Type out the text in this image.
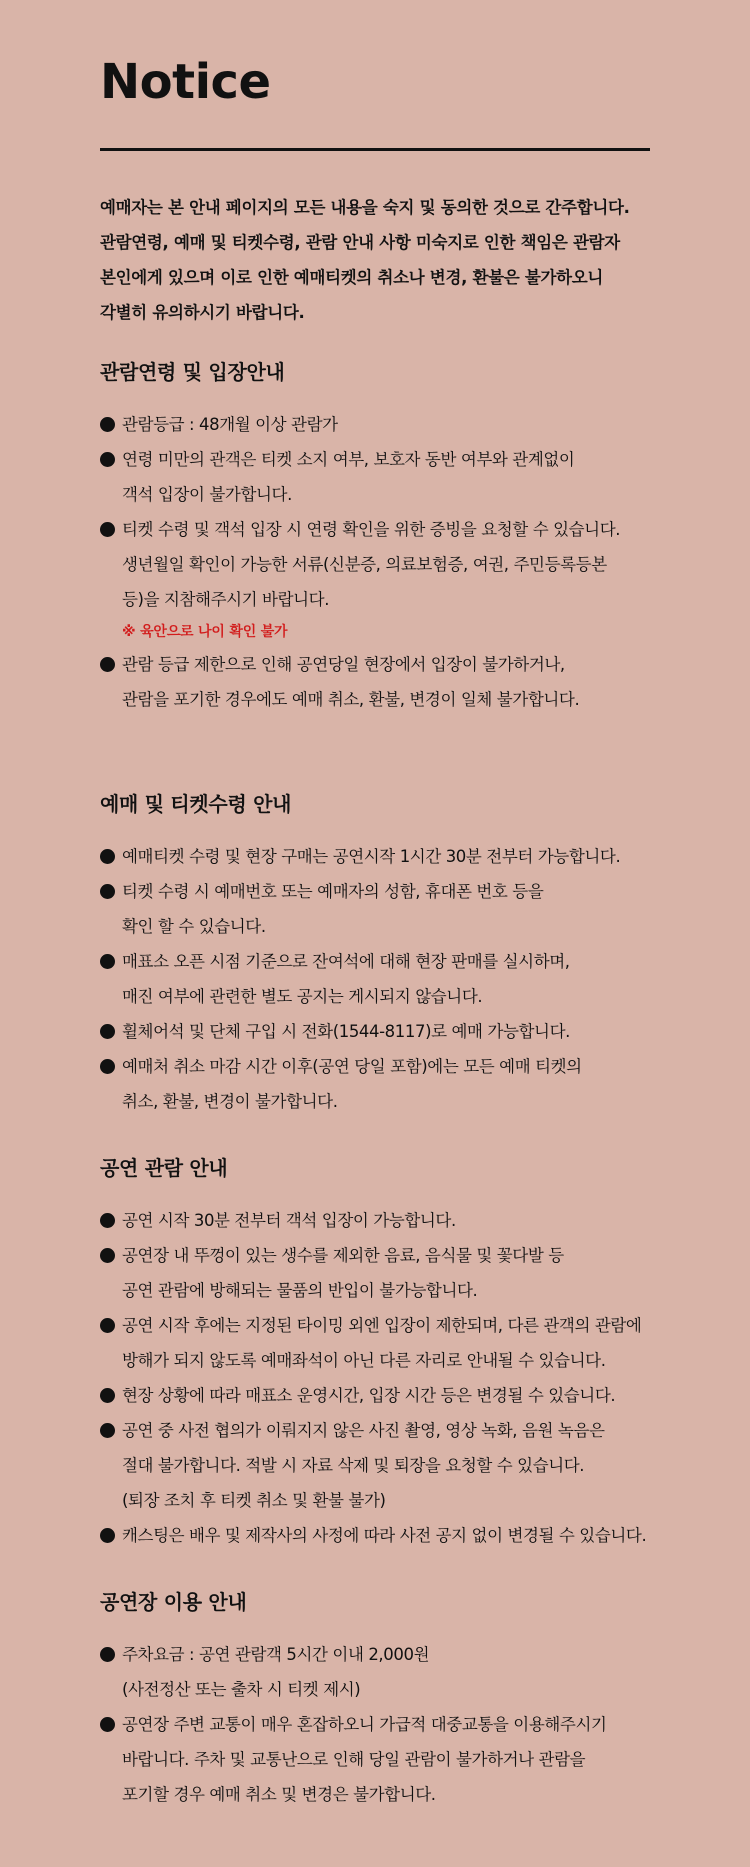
Notice
예매자는 본 안내 페이지의 모든 내용을 숙지 및 동의한 것으로 간주합니다.
관람연령, 예매 및 티켓수령, 관람 안내 사항 미숙지로 인한 책임은 관람자
본인에게 있으며 이로 인한 예매티켓의 취소나 변경, 환불은 불가하오니
각별히 유의하시기 바랍니다.
관람연령 및 입장안내
관람등급 : 48개월 이상 관람가
연령 미만의 관객은 티켓 소지 여부, 보호자 동반 여부와 관계없이
객석 입장이 불가합니다.
티켓 수령 및 객석 입장 시 연령 확인을 위한 증빙을 요청할 수 있습니다.
생년월일 확인이 가능한 서류(신분증, 의료보험증, 여권, 주민등록등본
등)을 지참해주시기 바랍니다.
※ 육안으로 나이 확인 불가
관람 등급 제한으로 인해 공연당일 현장에서 입장이 불가하거나,
관람을 포기한 경우에도 예매 취소, 환불, 변경이 일체 불가합니다.
예매 및 티켓수령 안내
예매티켓 수령 및 현장 구매는 공연시작 1시간 30분 전부터 가능합니다.
티켓 수령 시 예매번호 또는 예매자의 성함, 휴대폰 번호 등을
확인 할 수 있습니다.
매표소 오픈 시점 기준으로 잔여석에 대해 현장 판매를 실시하며,
매진 여부에 관련한 별도 공지는 게시되지 않습니다.
휠체어석 및 단체 구입 시 전화(1544-8117)로 예매 가능합니다.
예매처 취소 마감 시간 이후(공연 당일 포함)에는 모든 예매 티켓의
취소, 환불, 변경이 불가합니다.
공연 관람 안내
공연 시작 30분 전부터 객석 입장이 가능합니다.
공연장 내 뚜껑이 있는 생수를 제외한 음료, 음식물 및 꽃다발 등
공연 관람에 방해되는 물품의 반입이 불가능합니다.
공연 시작 후에는 지정된 타이밍 외엔 입장이 제한되며, 다른 관객의 관람에
방해가 되지 않도록 예매좌석이 아닌 다른 자리로 안내될 수 있습니다.
현장 상황에 따라 매표소 운영시간, 입장 시간 등은 변경될 수 있습니다.
공연 중 사전 협의가 이뤄지지 않은 사진 촬영, 영상 녹화, 음원 녹음은
절대 불가합니다. 적발 시 자료 삭제 및 퇴장을 요청할 수 있습니다.
(퇴장 조치 후 티켓 취소 및 환불 불가)
캐스팅은 배우 및 제작사의 사정에 따라 사전 공지 없이 변경될 수 있습니다.
공연장 이용 안내
주차요금 : 공연 관람객 5시간 이내 2,000원
(사전정산 또는 출차 시 티켓 제시)
공연장 주변 교통이 매우 혼잡하오니 가급적 대중교통을 이용해주시기
바랍니다. 주차 및 교통난으로 인해 당일 관람이 불가하거나 관람을
포기할 경우 예매 취소 및 변경은 불가합니다.
